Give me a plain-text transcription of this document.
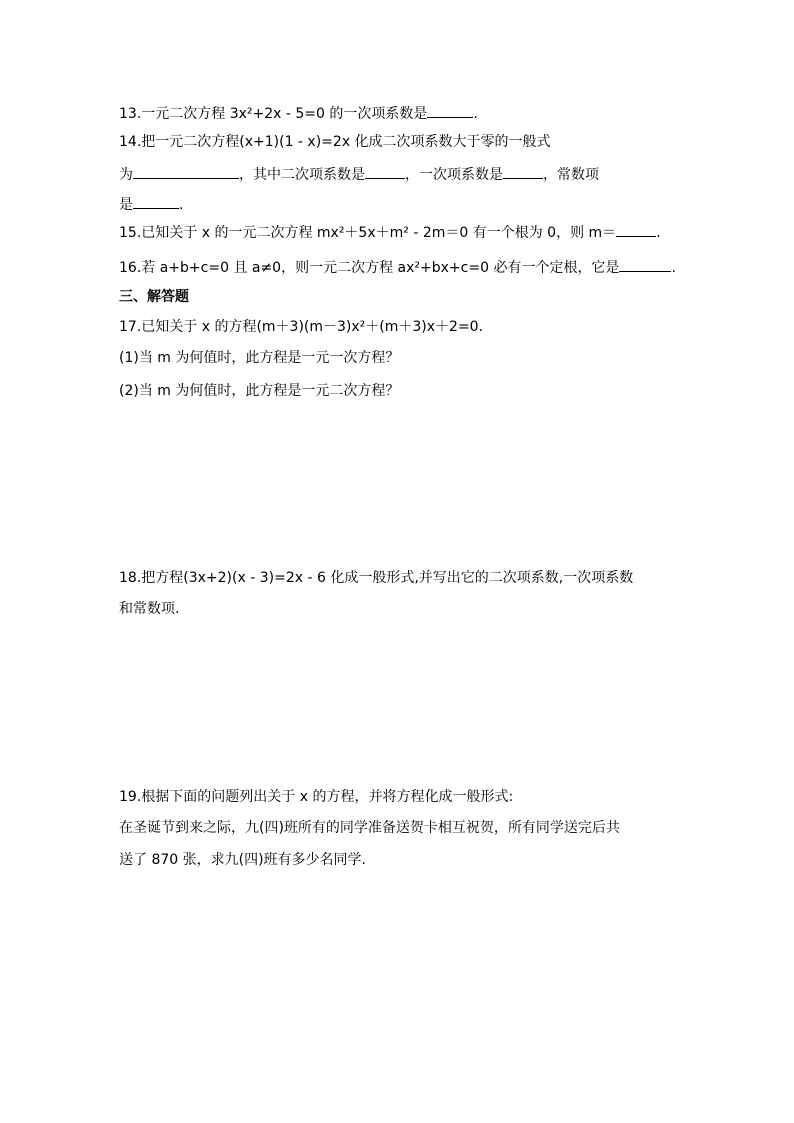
13.一元二次方程 3x²+2x - 5=0 的一次项系数是	.
14.把一元二次方程(x+1)(1 - x)=2x 化成二次项系数大于零的一般式
为	，其中二次项系数是	，一次项系数是	，常数项
是	.
15.已知关于 x 的一元二次方程 mx²＋5x＋m² - 2m＝0 有一个根为 0，则 m＝	.
16.若 a+b+c=0 且 a≠0，则一元二次方程 ax²+bx+c=0 必有一个定根，它是	.
三、解答题
17.已知关于 x 的方程(m＋3)(m－3)x²＋(m＋3)x＋2=0.
(1)当 m 为何值时，此方程是一元一次方程？
(2)当 m 为何值时，此方程是一元二次方程？
18.把方程(3x+2)(x - 3)=2x - 6 化成一般形式,并写出它的二次项系数,一次项系数
和常数项.
19.根据下面的问题列出关于 x 的方程，并将方程化成一般形式:
在圣诞节到来之际，九(四)班所有的同学准备送贺卡相互祝贺，所有同学送完后共
送了 870 张，求九(四)班有多少名同学.
